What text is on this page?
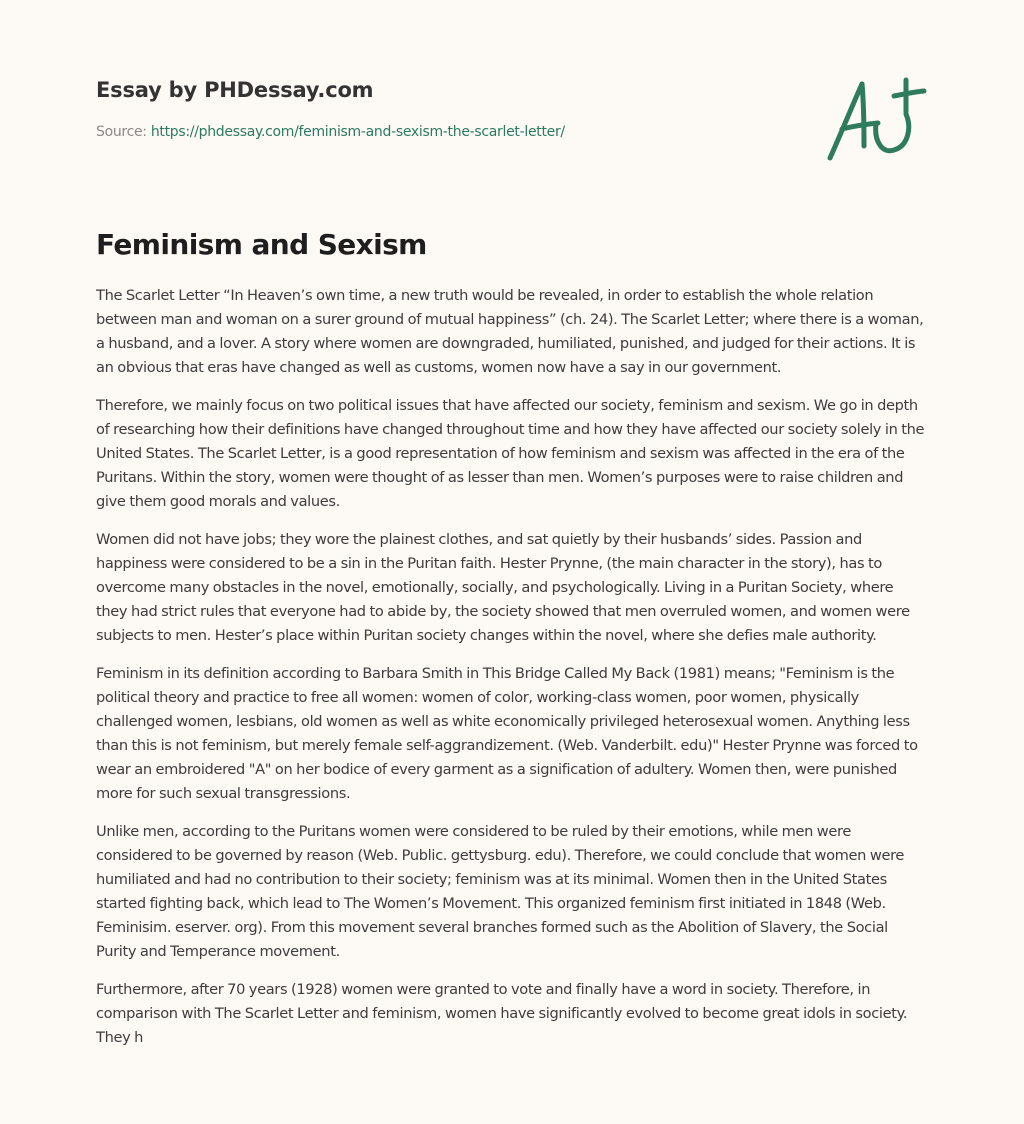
Essay by PHDessay.com
Source: https://phdessay.com/feminism-and-sexism-the-scarlet-letter/
Feminism and Sexism

The Scarlet Letter “In Heaven’s own time, a new truth would be revealed, in order to establish the whole relation between man and woman on a surer ground of mutual happiness” (ch. 24). The Scarlet Letter; where there is a woman, a husband, and a lover. A story where women are downgraded, humiliated, punished, and judged for their actions. It is an obvious that eras have changed as well as customs, women now have a say in our government.

Therefore, we mainly focus on two political issues that have affected our society, feminism and sexism. We go in depth of researching how their definitions have changed throughout time and how they have affected our society solely in the United States. The Scarlet Letter, is a good representation of how feminism and sexism was affected in the era of the Puritans. Within the story, women were thought of as lesser than men. Women’s purposes were to raise children and give them good morals and values.

Women did not have jobs; they wore the plainest clothes, and sat quietly by their husbands’ sides. Passion and happiness were considered to be a sin in the Puritan faith. Hester Prynne, (the main character in the story), has to overcome many obstacles in the novel, emotionally, socially, and psychologically. Living in a Puritan Society, where they had strict rules that everyone had to abide by, the society showed that men overruled women, and women were subjects to men. Hester’s place within Puritan society changes within the novel, where she defies male authority.

Feminism in its definition according to Barbara Smith in This Bridge Called My Back (1981) means; "Feminism is the political theory and practice to free all women: women of color, working-class women, poor women, physically challenged women, lesbians, old women as well as white economically privileged heterosexual women. Anything less than this is not feminism, but merely female self-aggrandizement. (Web. Vanderbilt. edu)" Hester Prynne was forced to wear an embroidered "A" on her bodice of every garment as a signification of adultery. Women then, were punished more for such sexual transgressions.

Unlike men, according to the Puritans women were considered to be ruled by their emotions, while men were considered to be governed by reason (Web. Public. gettysburg. edu). Therefore, we could conclude that women were humiliated and had no contribution to their society; feminism was at its minimal. Women then in the United States started fighting back, which lead to The Women’s Movement. This organized feminism first initiated in 1848 (Web. Feminisim. eserver. org). From this movement several branches formed such as the Abolition of Slavery, the Social Purity and Temperance movement.

Furthermore, after 70 years (1928) women were granted to vote and finally have a word in society. Therefore, in comparison with The Scarlet Letter and feminism, women have significantly evolved to become great idols in society. They h
